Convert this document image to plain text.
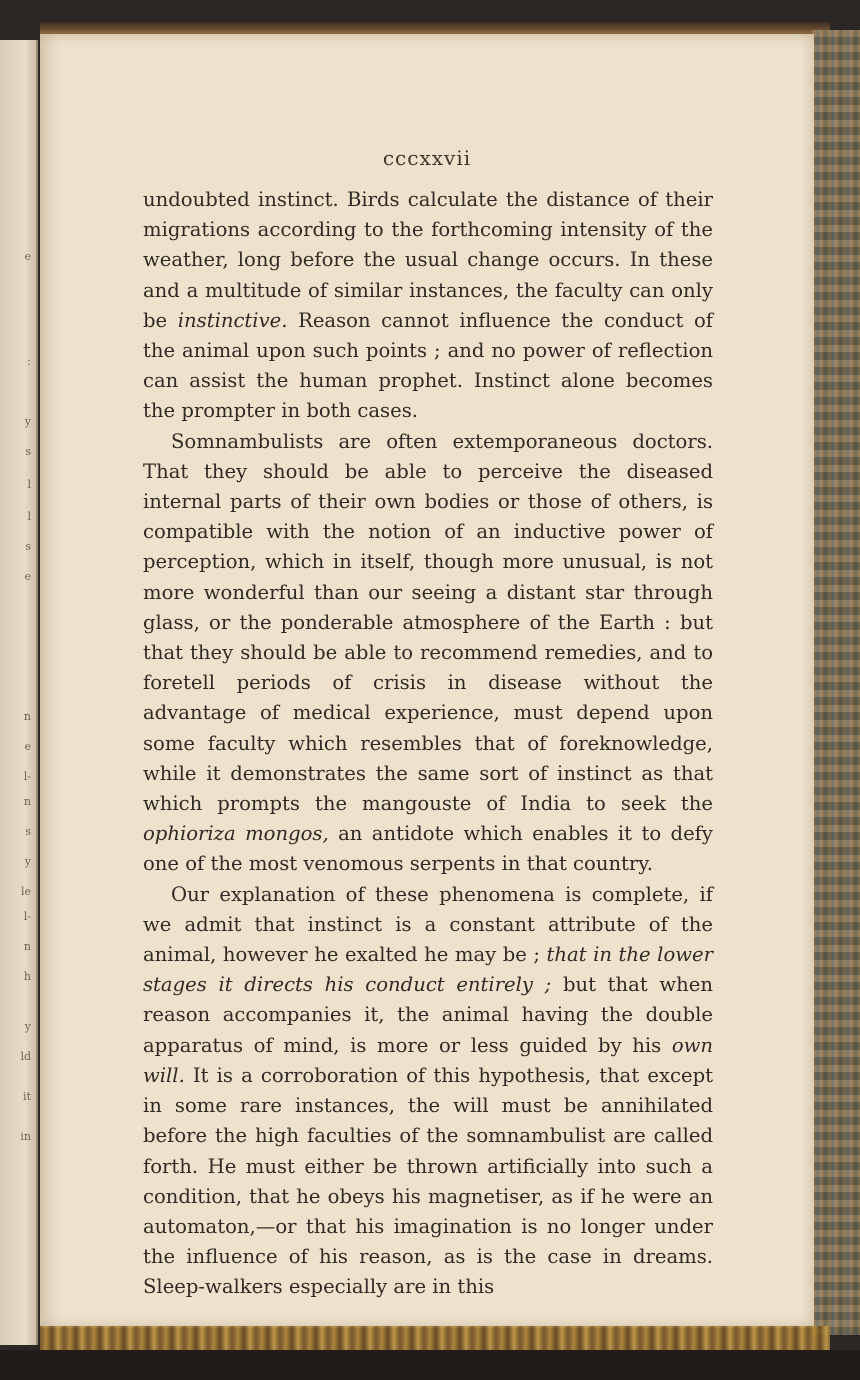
e
:
y
s
l
l
s
e
n
e
l-
n
s
y
le
l-
n
h
y
ld
it
in
cccxxvii

undoubted instinct. Birds calculate the distance of their migrations according to the forthcoming intensity of the weather, long before the usual change occurs. In these and a multitude of similar instances, the faculty can only be instinctive. Reason cannot influence the conduct of the animal upon such points ; and no power of reflection can assist the human prophet. Instinct alone becomes the prompter in both cases.

Somnambulists are often extemporaneous doctors. That they should be able to perceive the diseased internal parts of their own bodies or those of others, is compatible with the notion of an inductive power of perception, which in itself, though more unusual, is not more wonderful than our seeing a distant star through glass, or the ponderable atmosphere of the Earth : but that they should be able to recommend remedies, and to foretell periods of crisis in disease without the advantage of medical experience, must depend upon some faculty which resembles that of foreknowledge, while it demonstrates the same sort of instinct as that which prompts the mangouste of India to seek the ophioriza mongos, an antidote which enables it to defy one of the most venomous serpents in that country.

Our explanation of these phenomena is complete, if we admit that instinct is a constant attribute of the animal, however he exalted he may be ; that in the lower stages it directs his conduct entirely ; but that when reason accompanies it, the animal having the double apparatus of mind, is more or less guided by his own will. It is a corroboration of this hypothesis, that except in some rare instances, the will must be annihilated before the high faculties of the somnambulist are called forth. He must either be thrown artificially into such a condition, that he obeys his magnetiser, as if he were an automaton,—or that his imagination is no longer under the influence of his reason, as is the case in dreams. Sleep-walkers especially are in this
